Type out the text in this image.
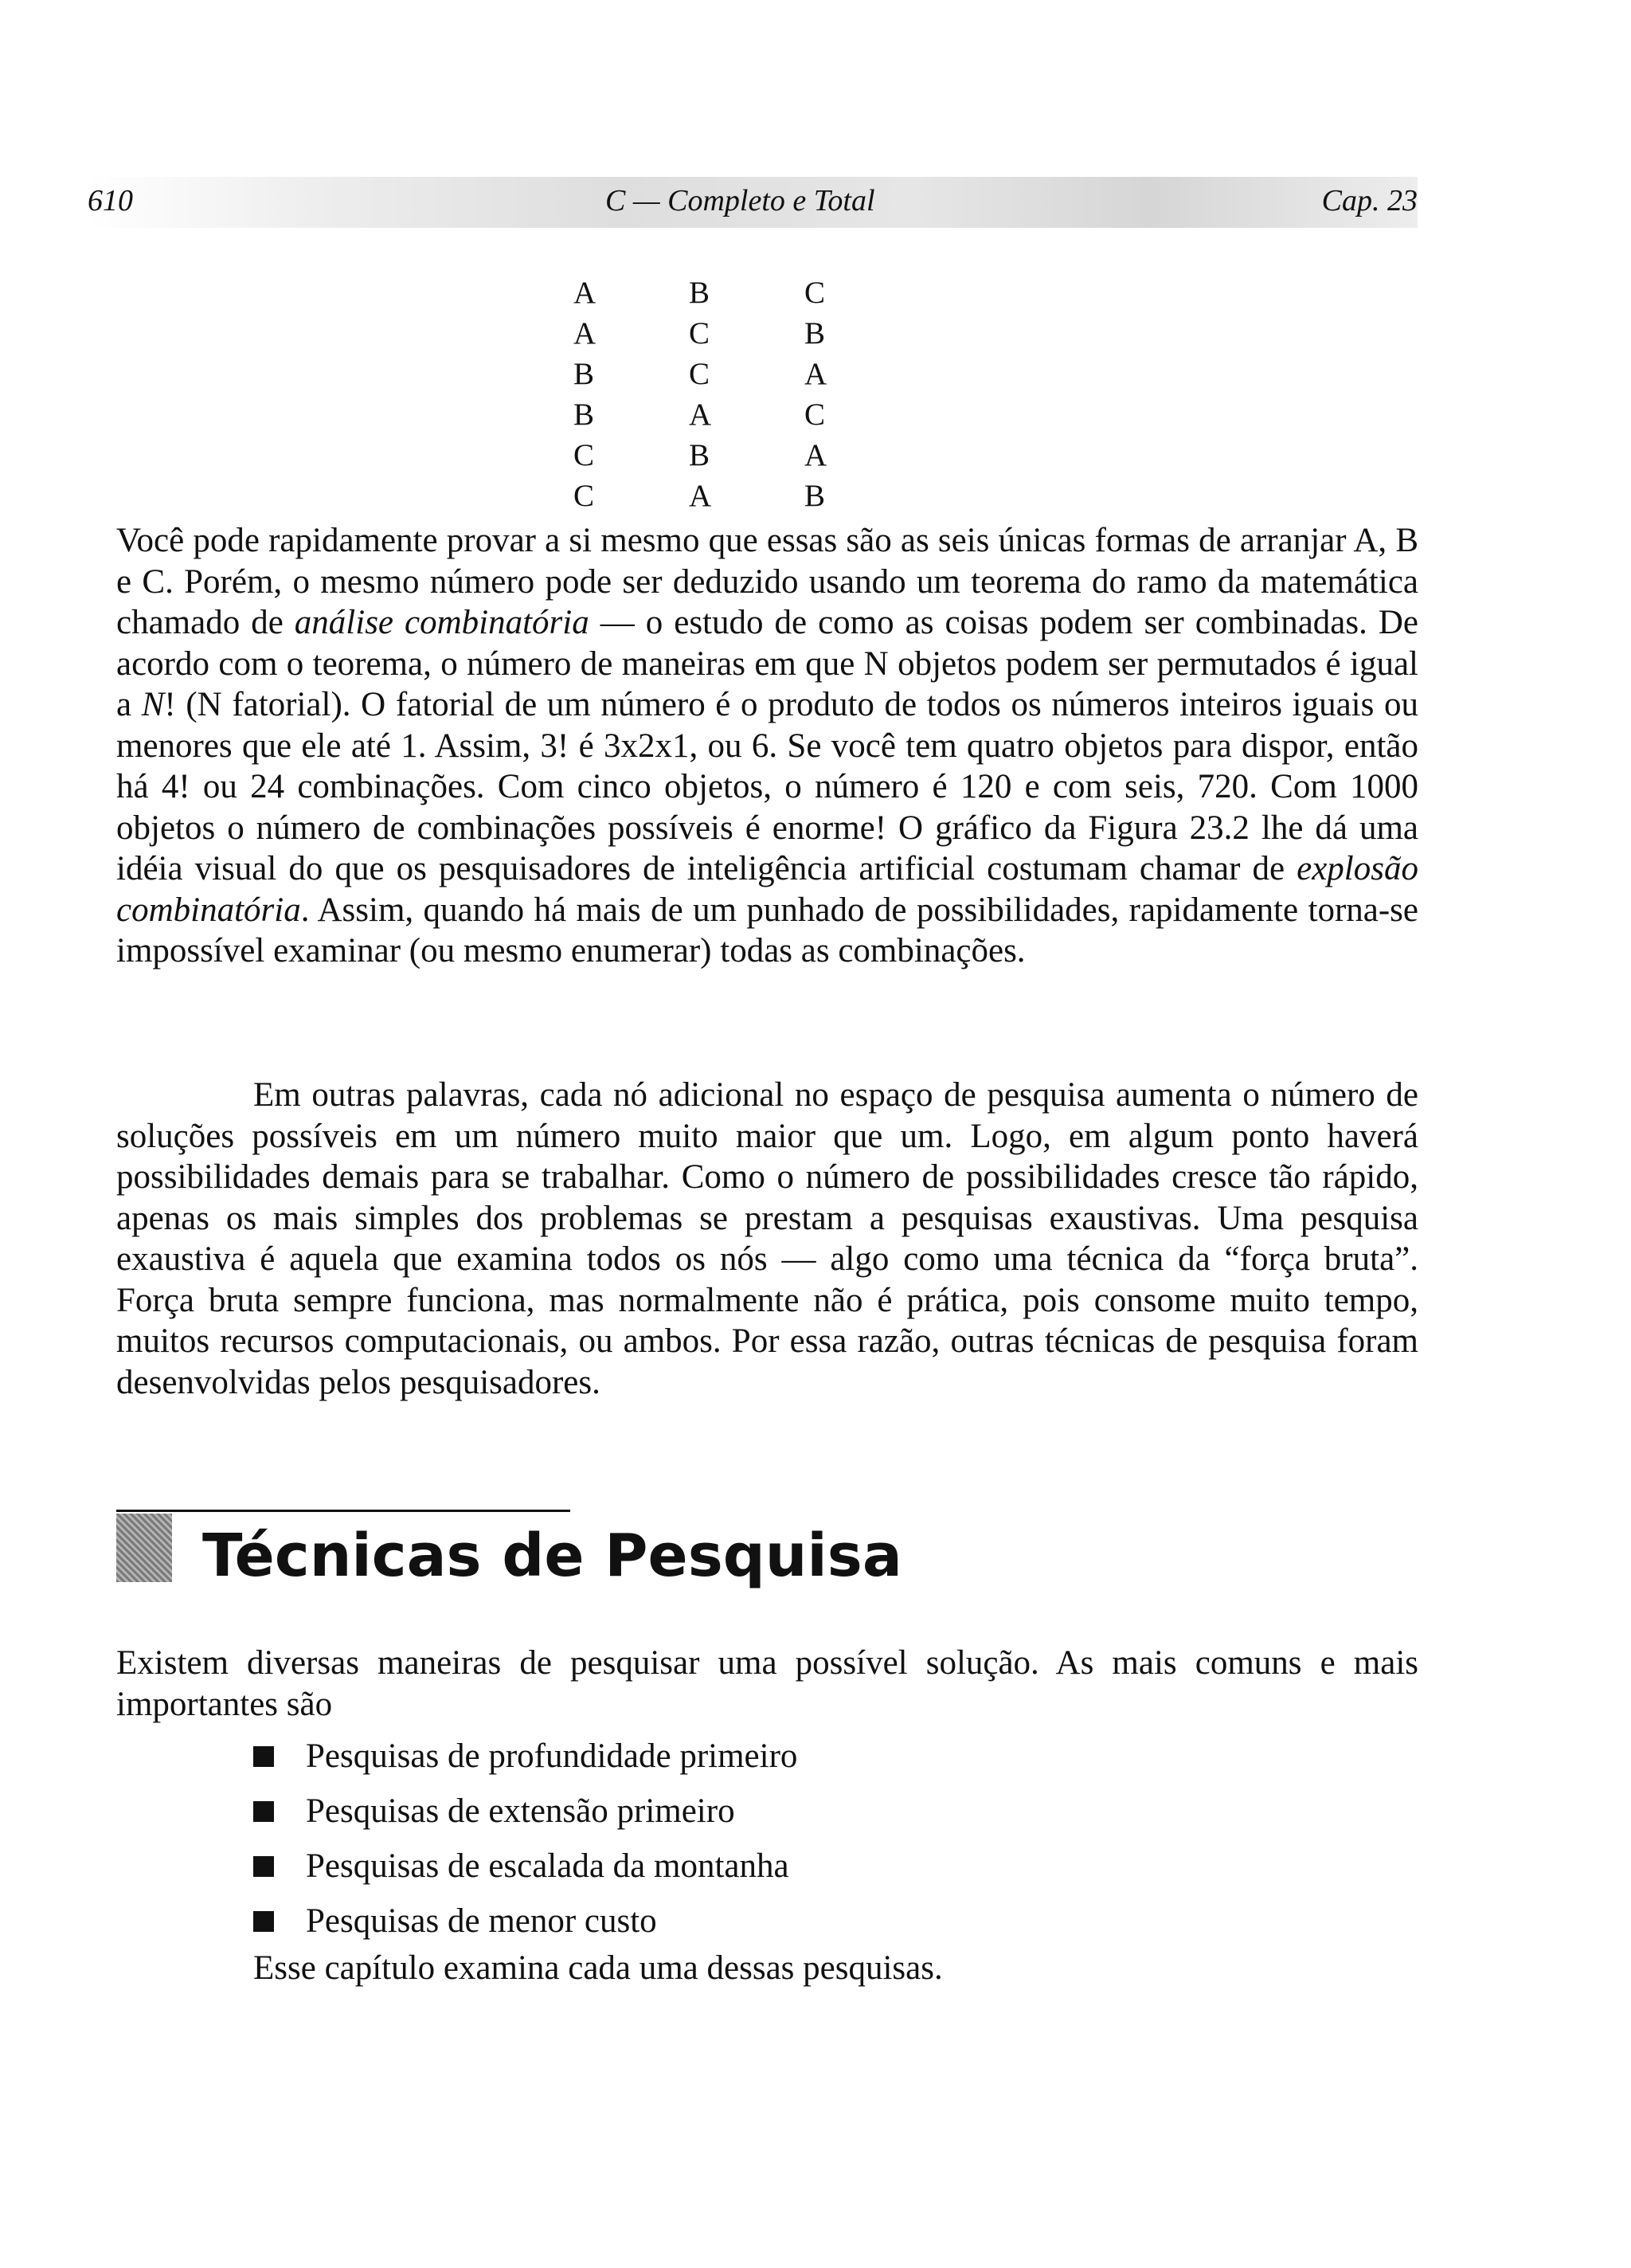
610	C — Completo e Total	Cap. 23
A	B	C
A	C	B
B	C	A
B	A	C
C	B	A
C	A	B

Você pode rapidamente provar a si mesmo que essas são as seis únicas formas de arranjar A, B e C. Porém, o mesmo número pode ser deduzido usando um teorema do ramo da matemática chamado de análise combinatória — o estudo de como as coisas podem ser combinadas. De acordo com o teorema, o número de maneiras em que N objetos podem ser permutados é igual a N! (N fatorial). O fatorial de um número é o produto de todos os números inteiros iguais ou menores que ele até 1. Assim, 3! é 3x2x1, ou 6. Se você tem quatro objetos para dispor, então há 4! ou 24 combinações. Com cinco objetos, o número é 120 e com seis, 720. Com 1000 objetos o número de combinações possíveis é enorme! O gráfico da Figura 23.2 lhe dá uma idéia visual do que os pesquisadores de inteligência artificial costumam chamar de explosão combinatória. Assim, quando há mais de um punhado de possibilidades, rapidamente torna-se impossível examinar (ou mesmo enumerar) todas as combinações.

Em outras palavras, cada nó adicional no espaço de pesquisa aumenta o número de soluções possíveis em um número muito maior que um. Logo, em algum ponto haverá possibilidades demais para se trabalhar. Como o número de possibilidades cresce tão rápido, apenas os mais simples dos problemas se prestam a pesquisas exaustivas. Uma pesquisa exaustiva é aquela que examina todos os nós — algo como uma técnica da “força bruta”. Força bruta sempre funciona, mas normalmente não é prática, pois consome muito tempo, muitos recursos computacionais, ou ambos. Por essa razão, outras técnicas de pesquisa foram desenvolvidas pelos pesquisadores.

Técnicas de Pesquisa

Existem diversas maneiras de pesquisar uma possível solução. As mais comuns e mais importantes são

Pesquisas de profundidade primeiro
Pesquisas de extensão primeiro
Pesquisas de escalada da montanha
Pesquisas de menor custo

Esse capítulo examina cada uma dessas pesquisas.
